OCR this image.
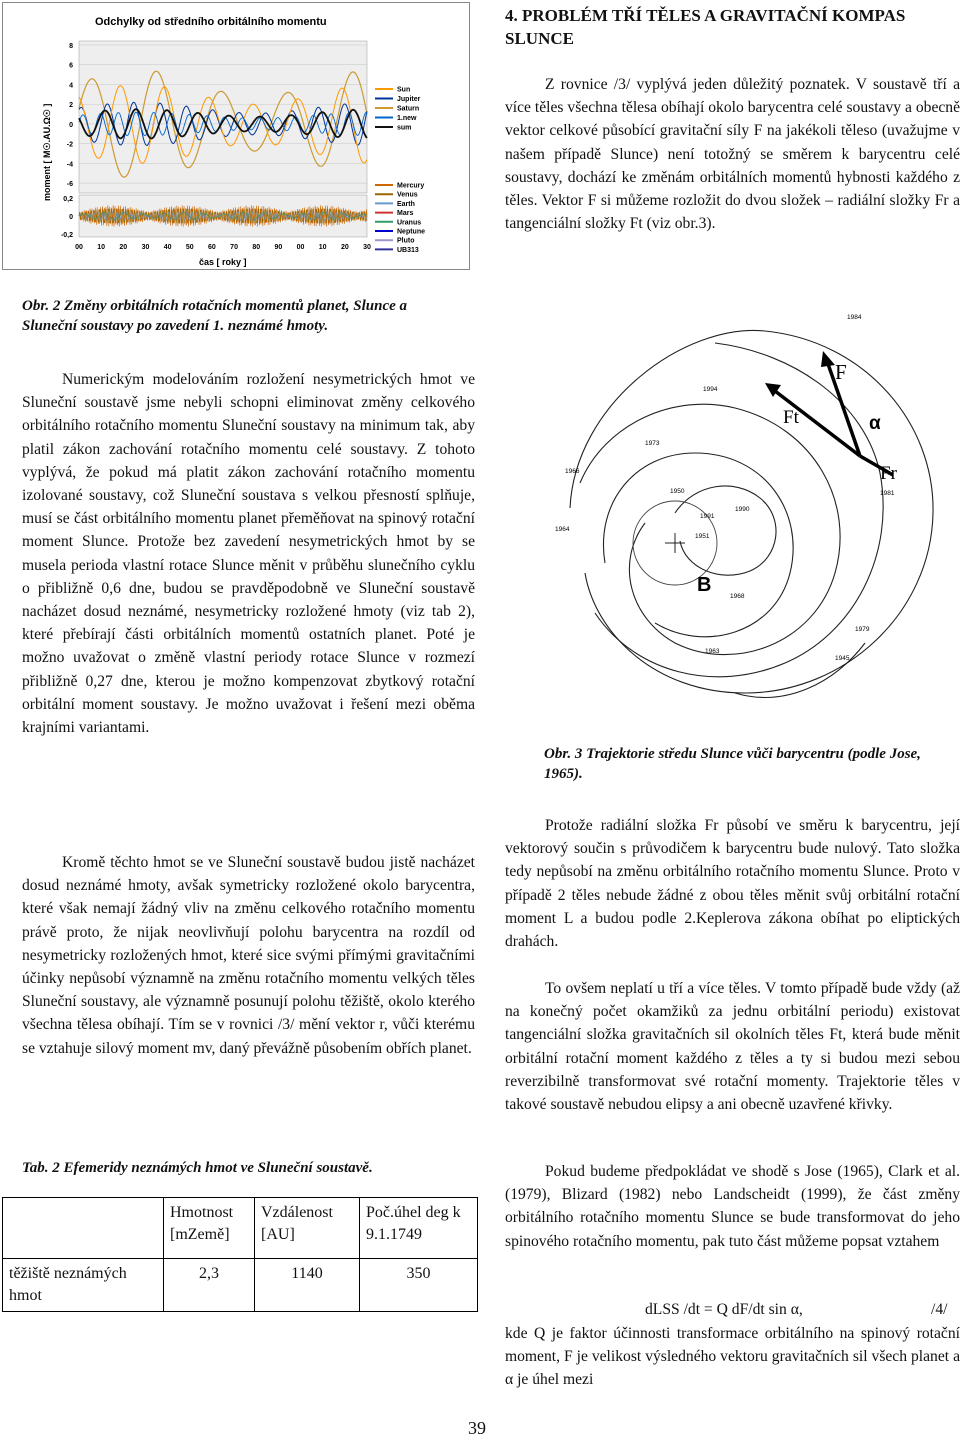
Odchylky od středního orbitálního momentu
moment [ M☉.AU.Ω☉ ]
čas [ roky ]
8
6
4
2
0
-2
-4
-6
0,2
0
-0,2
00 10 20 30 40 50 60 70 80 90 00 10 20 30
Sun
Jupiter
Saturn
1.new
sum
Mercury
Venus
Earth
Mars
Uranus
Neptune
Pluto
UB313

4. PROBLÉM TŘÍ TĚLES A GRAVITAČNÍ KOMPAS SLUNCE

Z rovnice /3/ vyplývá jeden důležitý poznatek. V soustavě tří a více těles všechna tělesa obíhají okolo barycentra celé soustavy a obecně vektor celkové působící gravitační síly F na jakékoli těleso (uvažujme v našem případě Slunce) není totožný se směrem k barycentru celé soustavy, dochází ke změnám orbitálních momentů hybnosti každého z těles. Vektor F si můžeme rozložit do dvou složek – radiální složky Fr a tangenciální složky Ft (viz obr.3).

Obr. 2 Změny orbitálních rotačních momentů planet, Slunce a Sluneční soustavy po zavedení 1. neznámé hmoty.

Numerickým modelováním rozložení nesymetrických hmot ve Sluneční soustavě jsme nebyli schopni eliminovat změny celkového orbitálního rotačního momentu Sluneční soustavy na minimum tak, aby platil zákon zachování rotačního momentu celé soustavy. Z tohoto vyplývá, že pokud má platit zákon zachování rotačního momentu izolované soustavy, což Sluneční soustava s velkou přesností splňuje, musí se část orbitálního momentu planet přeměňovat na spinový rotační moment Slunce. Protože bez zavedení nesymetrických hmot by se musela perioda vlastní rotace Slunce měnit v průběhu slunečního cyklu o přibližně 0,6 dne, budou se pravděpodobně ve Sluneční soustavě nacházet dosud neznámé, nesymetricky rozložené hmoty (viz tab 2), které přebírají části orbitálních momentů ostatních planet. Poté je možno uvažovat o změně vlastní periody rotace Slunce v rozmezí přibližně 0,27 dne, kterou je možno kompenzovat zbytkový rotační orbitální moment soustavy. Je možno uvažovat i řešení mezi oběma krajními variantami.

Kromě těchto hmot se ve Sluneční soustavě budou jistě nacházet dosud neznámé hmoty, avšak symetricky rozložené okolo barycentra, které však nemají žádný vliv na změnu celkového rotačního momentu právě proto, že nijak neovlivňují polohu barycentra na rozdíl od nesymetricky rozložených hmot, které sice svými přímými gravitačními účinky nepůsobí významně na změnu rotačního momentu velkých těles Sluneční soustavy, ale významně posunují polohu těžiště, okolo kterého všechna tělesa obíhají. Tím se v rovnici /3/ mění vektor r, vůči kterému se vztahuje silový moment mv, daný převážně působením obřích planet.

Tab. 2 Efemeridy neznámých hmot ve Sluneční soustavě.

	Hmotnost [mZemě]	Vzdálenost [AU]	Poč.úhel deg k 9.1.1749
těžiště neznámých hmot	2,3	1140	350
1984
1994
1973
1950
1966
1990
1991
1951
1964
1963
1981
1968
1979
1945
F
Ft	α
Fr
B

Obr. 3 Trajektorie středu Slunce vůči barycentru (podle Jose, 1965).

Protože radiální složka Fr působí ve směru k barycentru, její vektorový součin s průvodičem k barycentru bude nulový. Tato složka tedy nepůsobí na změnu orbitálního rotačního momentu Slunce. Proto v případě 2 těles nebude žádné z obou těles měnit svůj orbitální rotační moment L a budou podle 2.Keplerova zákona obíhat po eliptických drahách.

To ovšem neplatí u tří a více těles. V tomto případě bude vždy (až na konečný počet okamžiků za jednu orbitální periodu) existovat tangenciální složka gravitačních sil okolních těles Ft, která bude měnit orbitální rotační moment každého z těles a ty si budou mezi sebou reverzibilně transformovat své rotační momenty. Trajektorie těles v takové soustavě nebudou elipsy a ani obecně uzavřené křivky.

Pokud budeme předpokládat ve shodě s Jose (1965), Clark et al. (1979), Blizard (1982) nebo Landscheidt (1999), že část změny orbitálního rotačního momentu Slunce se bude transformovat do jeho spinového rotačního momentu, pak tuto část můžeme popsat vztahem

dLSS /dt = Q dF/dt sin α,	/4/

kde Q je faktor účinnosti transformace orbitálního na spinový rotační moment, F je velikost výsledného vektoru gravitačních sil všech planet a α je úhel mezi

39
